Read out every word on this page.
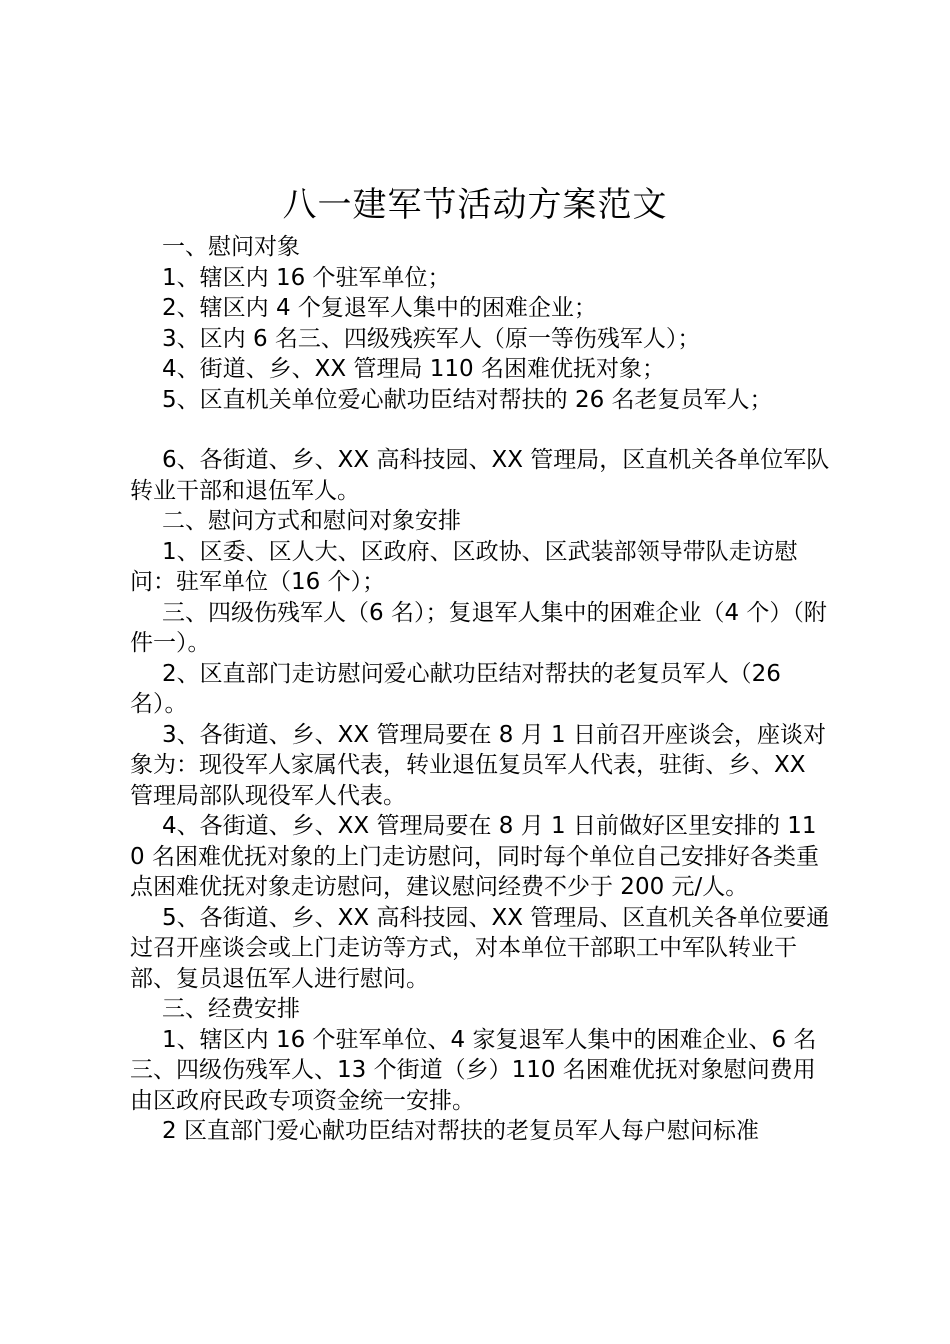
八一建军节活动方案范文

一、慰问对象

1、辖区内 16 个驻军单位；

2、辖区内 4 个复退军人集中的困难企业；

3、区内 6 名三、四级残疾军人（原一等伤残军人）；

4、街道、乡、XX 管理局 110 名困难优抚对象；

5、区直机关单位爱心献功臣结对帮扶的 26 名老复员军人；

6、各街道、乡、XX 高科技园、XX 管理局，区直机关各单位军队转业干部和退伍军人。

二、慰问方式和慰问对象安排

1、区委、区人大、区政府、区政协、区武装部领导带队走访慰问：驻军单位（16 个）；

三、四级伤残军人（6 名）；复退军人集中的困难企业（4 个）（附件一）。

2、区直部门走访慰问爱心献功臣结对帮扶的老复员军人（26 名）。

3、各街道、乡、XX 管理局要在 8 月 1 日前召开座谈会，座谈对象为：现役军人家属代表，转业退伍复员军人代表，驻街、乡、XX 管理局部队现役军人代表。

4、各街道、乡、XX 管理局要在 8 月 1 日前做好区里安排的 110 名困难优抚对象的上门走访慰问，同时每个单位自己安排好各类重点困难优抚对象走访慰问，建议慰问经费不少于 200 元/人。

5、各街道、乡、XX 高科技园、XX 管理局、区直机关各单位要通过召开座谈会或上门走访等方式，对本单位干部职工中军队转业干部、复员退伍军人进行慰问。

三、经费安排

1、辖区内 16 个驻军单位、4 家复退军人集中的困难企业、6 名三、四级伤残军人、13 个街道（乡）110 名困难优抚对象慰问费用由区政府民政专项资金统一安排。

2 区直部门爱心献功臣结对帮扶的老复员军人每户慰问标准
